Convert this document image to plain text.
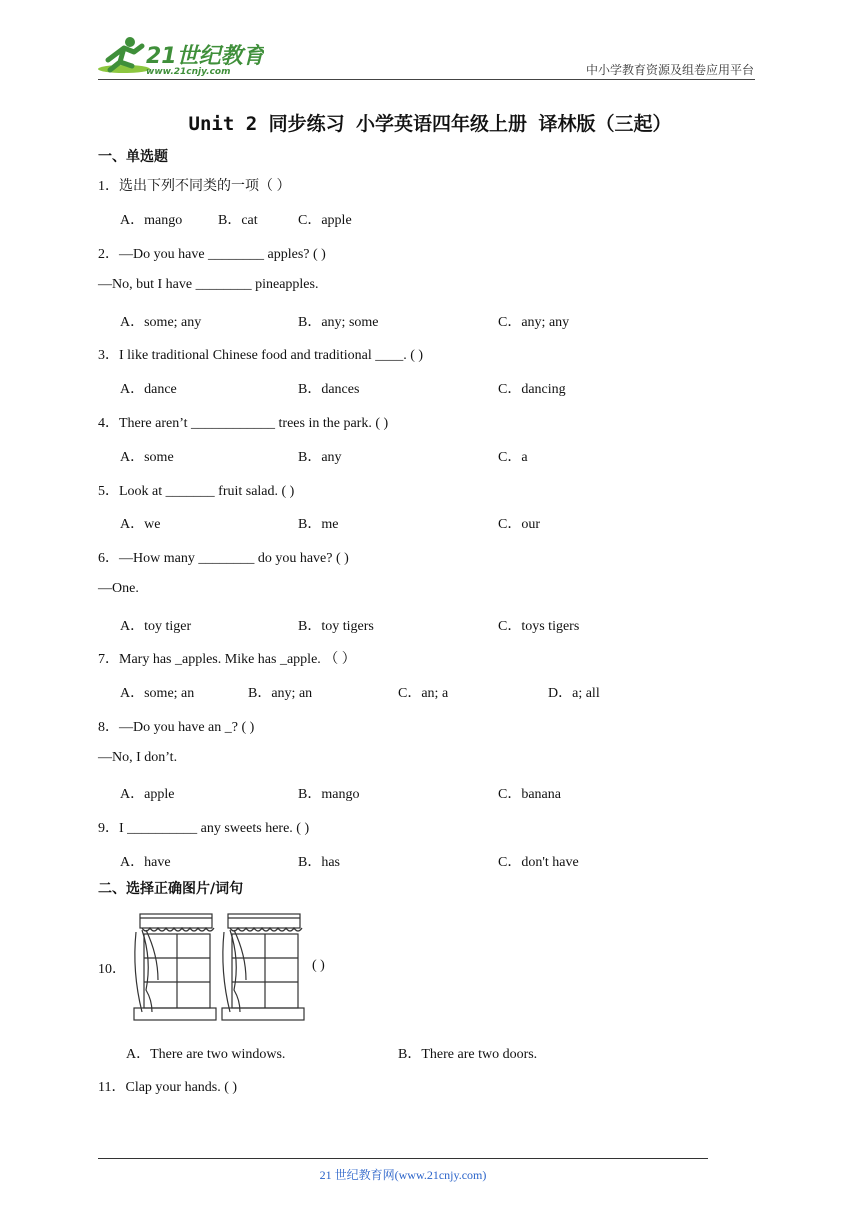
21世纪教育
www.21cnjy.com	中小学教育资源及组卷应用平台
Unit 2 同步练习 小学英语四年级上册 译林版（三起）
一、单选题
1．选出下列不同类的一项（ ）
A．mango	B．cat	C．apple
2．—Do you have ________ apples? ( )
—No, but I have ________ pineapples.
A．some; any	B．any; some	C．any; any
3．I like traditional Chinese food and traditional ____. ( )
A．dance	B．dances	C．dancing
4．There aren’t ____________ trees in the park. ( )
A．some	B．any	C．a
5．Look at _______ fruit salad. ( )
A．we	B．me	C．our
6．—How many ________ do you have? ( )
—One.
A．toy tiger	B．toy tigers	C．toys tigers
7．Mary has _apples. Mike has _apple. （ ）
A．some; an	B．any; an	C．an; a	D．a; all
8．—Do you have an _? ( )
—No, I don’t.
A．apple	B．mango	C．banana
9．I __________ any sweets here. ( )
A．have	B．has	C．don't have
二、选择正确图片/词句
10．	( )
A．There are two windows.	B．There are two doors.
11．Clap your hands. ( )
21 世纪教育网(www.21cnjy.com)
